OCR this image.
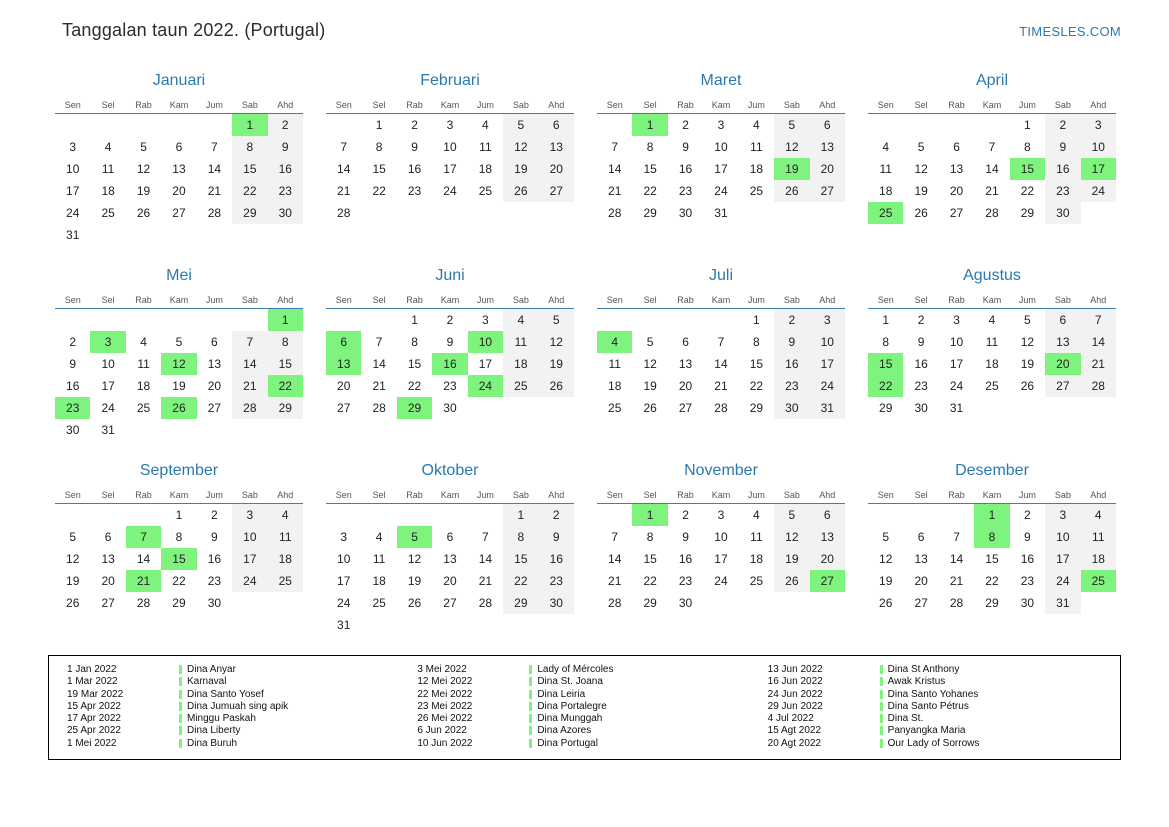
Tanggalan taun 2022. (Portugal)	TIMESLES.COM
Januari
Sen	Sel	Rab	Kam	Jum	Sab	Ahd
					1	2
3	4	5	6	7	8	9
10	11	12	13	14	15	16
17	18	19	20	21	22	23
24	25	26	27	28	29	30
31						
Februari
Sen	Sel	Rab	Kam	Jum	Sab	Ahd
	1	2	3	4	5	6
7	8	9	10	11	12	13
14	15	16	17	18	19	20
21	22	23	24	25	26	27
28						
Maret
Sen	Sel	Rab	Kam	Jum	Sab	Ahd
	1	2	3	4	5	6
7	8	9	10	11	12	13
14	15	16	17	18	19	20
21	22	23	24	25	26	27
28	29	30	31			
April
Sen	Sel	Rab	Kam	Jum	Sab	Ahd
				1	2	3
4	5	6	7	8	9	10
11	12	13	14	15	16	17
18	19	20	21	22	23	24
25	26	27	28	29	30	
Mei
Sen	Sel	Rab	Kam	Jum	Sab	Ahd
						1
2	3	4	5	6	7	8
9	10	11	12	13	14	15
16	17	18	19	20	21	22
23	24	25	26	27	28	29
30	31					
Juni
Sen	Sel	Rab	Kam	Jum	Sab	Ahd
		1	2	3	4	5
6	7	8	9	10	11	12
13	14	15	16	17	18	19
20	21	22	23	24	25	26
27	28	29	30			
Juli
Sen	Sel	Rab	Kam	Jum	Sab	Ahd
				1	2	3
4	5	6	7	8	9	10
11	12	13	14	15	16	17
18	19	20	21	22	23	24
25	26	27	28	29	30	31
Agustus
Sen	Sel	Rab	Kam	Jum	Sab	Ahd
1	2	3	4	5	6	7
8	9	10	11	12	13	14
15	16	17	18	19	20	21
22	23	24	25	26	27	28
29	30	31				
September
Sen	Sel	Rab	Kam	Jum	Sab	Ahd
			1	2	3	4
5	6	7	8	9	10	11
12	13	14	15	16	17	18
19	20	21	22	23	24	25
26	27	28	29	30		
Oktober
Sen	Sel	Rab	Kam	Jum	Sab	Ahd
					1	2
3	4	5	6	7	8	9
10	11	12	13	14	15	16
17	18	19	20	21	22	23
24	25	26	27	28	29	30
31						
November
Sen	Sel	Rab	Kam	Jum	Sab	Ahd
	1	2	3	4	5	6
7	8	9	10	11	12	13
14	15	16	17	18	19	20
21	22	23	24	25	26	27
28	29	30				
Desember
Sen	Sel	Rab	Kam	Jum	Sab	Ahd
			1	2	3	4
5	6	7	8	9	10	11
12	13	14	15	16	17	18
19	20	21	22	23	24	25
26	27	28	29	30	31	
1 Jan 2022	Dina Anyar
1 Mar 2022	Karnaval
19 Mar 2022	Dina Santo Yosef
15 Apr 2022	Dina Jumuah sing apik
17 Apr 2022	Minggu Paskah
25 Apr 2022	Dina Liberty
1 Mei 2022	Dina Buruh
3 Mei 2022	Lady of Mércoles
12 Mei 2022	Dina St. Joana
22 Mei 2022	Dina Leiria
23 Mei 2022	Dina Portalegre
26 Mei 2022	Dina Munggah
6 Jun 2022	Dina Azores
10 Jun 2022	Dina Portugal
13 Jun 2022	Dina St Anthony
16 Jun 2022	Awak Kristus
24 Jun 2022	Dina Santo Yohanes
29 Jun 2022	Dina Santo Pétrus
4 Jul 2022	Dina St.
15 Agt 2022	Panyangka Maria
20 Agt 2022	Our Lady of Sorrows
